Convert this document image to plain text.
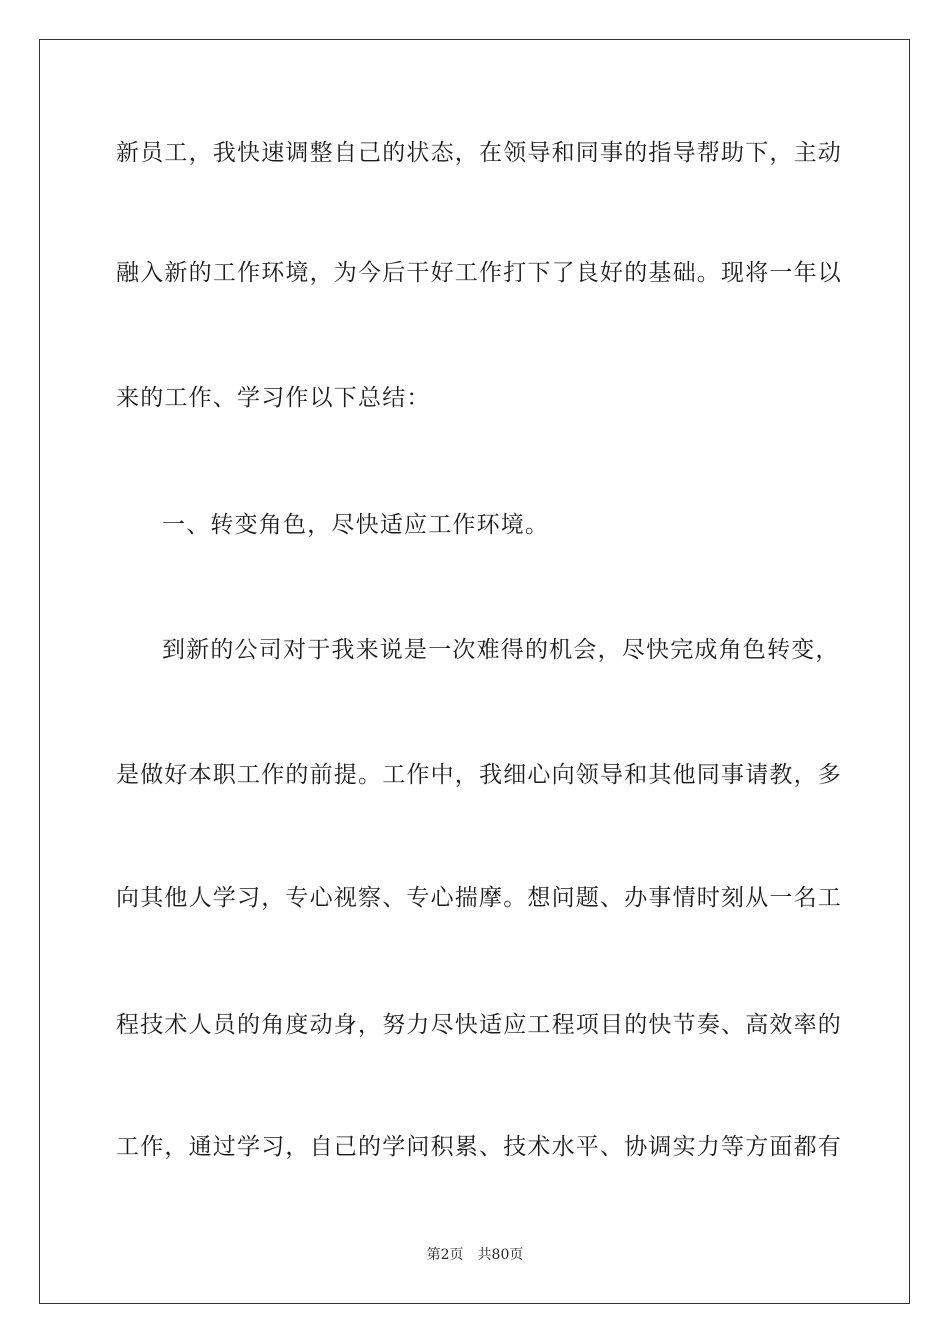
新员工，我快速调整自己的状态，在领导和同事的指导帮助下，主动
融入新的工作环境，为今后干好工作打下了良好的基础。现将一年以
来的工作、学习作以下总结：
一、转变角色，尽快适应工作环境。
到新的公司对于我来说是一次难得的机会，尽快完成角色转变，
是做好本职工作的前提。工作中，我细心向领导和其他同事请教，多
向其他人学习，专心视察、专心揣摩。想问题、办事情时刻从一名工
程技术人员的角度动身，努力尽快适应工程项目的快节奏、高效率的
工作，通过学习，自己的学问积累、技术水平、协调实力等方面都有
第2页 共80页
